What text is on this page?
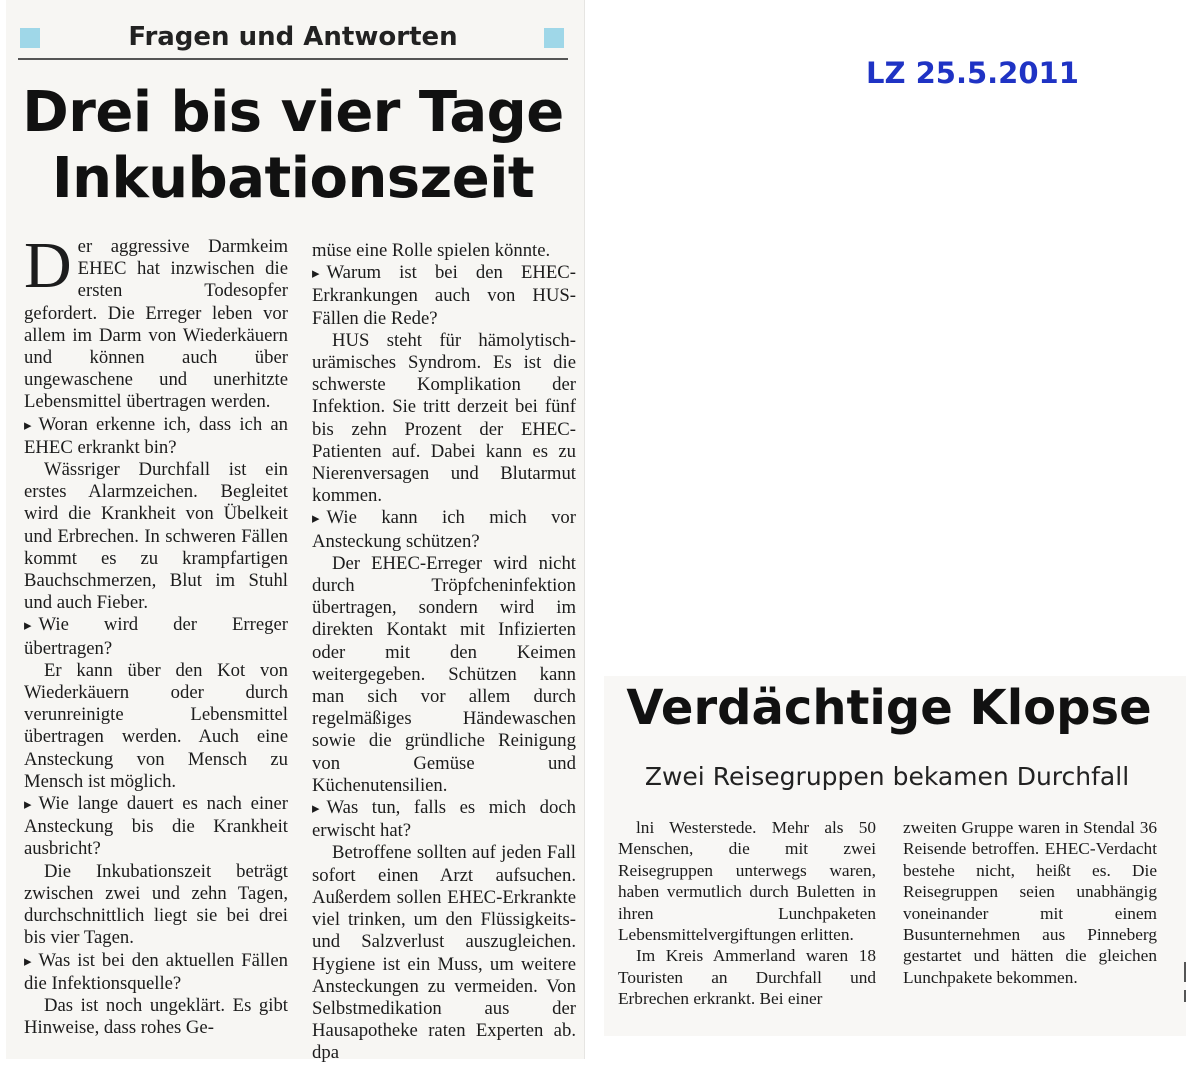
Fragen und Antworten
Drei bis vier Tage
Inkubationszeit

Der aggressive Darmkeim EHEC hat inzwischen die ersten Todesopfer gefordert. Die Erreger leben vor allem im Darm von Wiederkäuern und können auch über ungewaschene und unerhitzte Lebensmittel übertragen werden.

▸ Woran erkenne ich, dass ich an EHEC erkrankt bin?

Wässriger Durchfall ist ein erstes Alarmzeichen. Begleitet wird die Krankheit von Übelkeit und Erbrechen. In schweren Fällen kommt es zu krampfartigen Bauchschmerzen, Blut im Stuhl und auch Fieber.

▸ Wie wird der Erreger übertragen?

Er kann über den Kot von Wiederkäuern oder durch verunreinigte Lebensmittel übertragen werden. Auch eine Ansteckung von Mensch zu Mensch ist möglich.

▸ Wie lange dauert es nach einer Ansteckung bis die Krankheit ausbricht?

Die Inkubationszeit beträgt zwischen zwei und zehn Tagen, durchschnittlich liegt sie bei drei bis vier Tagen.

▸ Was ist bei den aktuellen Fällen die Infektionsquelle?

Das ist noch ungeklärt. Es gibt Hinweise, dass rohes Ge-

müse eine Rolle spielen könnte.

▸ Warum ist bei den EHEC-Erkrankungen auch von HUS-Fällen die Rede?

HUS steht für hämolytisch-urämisches Syndrom. Es ist die schwerste Komplikation der Infektion. Sie tritt derzeit bei fünf bis zehn Prozent der EHEC-Patienten auf. Dabei kann es zu Nierenversagen und Blutarmut kommen.

▸ Wie kann ich mich vor Ansteckung schützen?

Der EHEC-Erreger wird nicht durch Tröpfcheninfektion übertragen, sondern wird im direkten Kontakt mit Infizierten oder mit den Keimen weitergegeben. Schützen kann man sich vor allem durch regelmäßiges Händewaschen sowie die gründliche Reinigung von Gemüse und Küchenutensilien.

▸ Was tun, falls es mich doch erwischt hat?

Betroffene sollten auf jeden Fall sofort einen Arzt aufsuchen. Außerdem sollen EHEC-Erkrankte viel trinken, um den Flüssigkeits- und Salzverlust auszugleichen. Hygiene ist ein Muss, um weitere Ansteckungen zu vermeiden. Von Selbstmedikation aus der Hausapotheke raten Experten ab. dpa

LZ 25.5.2011
Verdächtige Klopse
Zwei Reisegruppen bekamen Durchfall

lni Westerstede. Mehr als 50 Menschen, die mit zwei Reisegruppen unterwegs waren, haben vermutlich durch Buletten in ihren Lunchpaketen Lebensmittelvergiftungen erlitten.

Im Kreis Ammerland waren 18 Touristen an Durchfall und Erbrechen erkrankt. Bei einer

zweiten Gruppe waren in Stendal 36 Reisende betroffen. EHEC-Verdacht bestehe nicht, heißt es. Die Reisegruppen seien unabhängig voneinander mit einem Busunternehmen aus Pinneberg gestartet und hätten die gleichen Lunchpakete bekommen.
